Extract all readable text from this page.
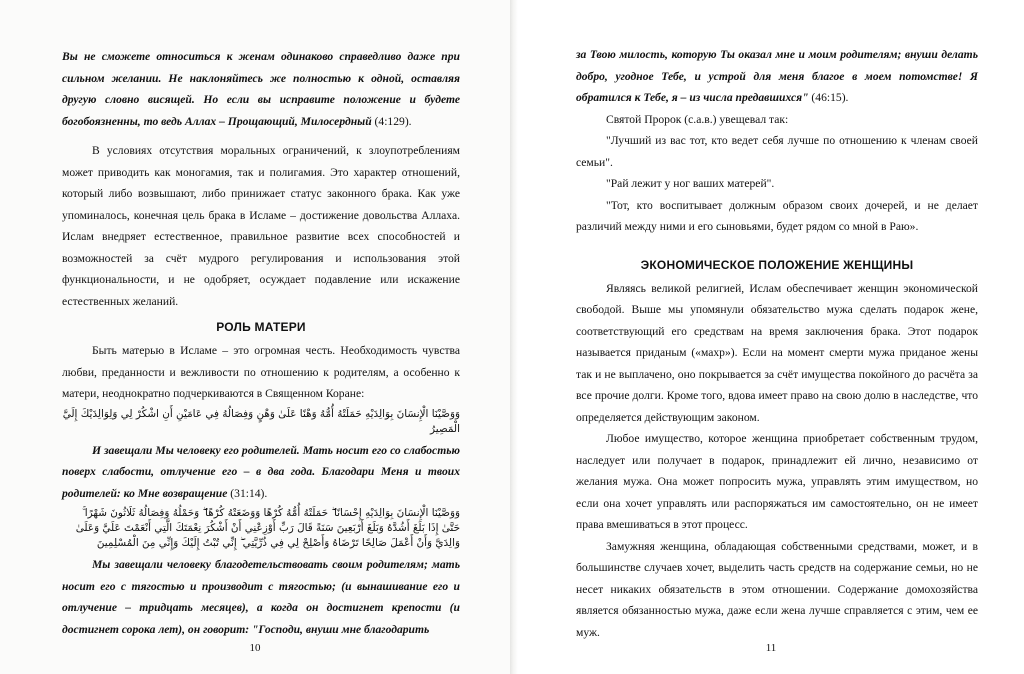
Вы не сможете относиться к женам одинаково справедливо даже при сильном желании. Не наклоняйтесь же полностью к одной, оставляя другую словно висящей. Но если вы исправите положение и будете богобоязненны, то ведь Аллах – Прощающий, Милосердный (4:129).

В условиях отсутствия моральных ограничений, к злоупотреблениям может приводить как моногамия, так и полигамия. Это характер отношений, который либо возвышают, либо принижает статус законного брака. Как уже упоминалось, конечная цель брака в Исламе – достижение довольства Аллаха. Ислам внедряет естественное, правильное развитие всех способностей и возможностей за счёт мудрого регулирования и использования этой функциональности, и не одобряет, осуждает подавление или искажение естественных желаний.

РОЛЬ МАТЕРИ

Быть матерью в Исламе – это огромная честь. Необходимость чувства любви, преданности и вежливости по отношению к родителям, а особенно к матери, неоднократно подчеркиваются в Священном Коране:

وَوَصَّيْنَا الْإِنسَانَ بِوَالِدَيْهِ حَمَلَتْهُ أُمُّهُ وَهْنًا عَلَىٰ وَهْنٍ وَفِصَالُهُ فِي عَامَيْنِ أَنِ اشْكُرْ لِي وَلِوَالِدَيْكَ إِلَيَّ الْمَصِيرُ

И завещали Мы человеку его родителей. Мать носит его со слабостью поверх слабости, отлучение его – в два года. Благодари Меня и твоих родителей: ко Мне возвращение (31:14).

وَوَصَّيْنَا الْإِنسَانَ بِوَالِدَيْهِ إِحْسَانًا ۖ حَمَلَتْهُ أُمُّهُ كُرْهًا وَوَضَعَتْهُ كُرْهًا ۖ وَحَمْلُهُ وَفِصَالُهُ ثَلَاثُونَ شَهْرًا ۚ حَتَّىٰ إِذَا بَلَغَ أَشُدَّهُ وَبَلَغَ أَرْبَعِينَ سَنَةً قَالَ رَبِّ أَوْزِعْنِي أَنْ أَشْكُرَ نِعْمَتَكَ الَّتِي أَنْعَمْتَ عَلَيَّ وَعَلَىٰ وَالِدَيَّ وَأَنْ أَعْمَلَ صَالِحًا تَرْضَاهُ وَأَصْلِحْ لِي فِي ذُرِّيَّتِي ۖ إِنِّي تُبْتُ إِلَيْكَ وَإِنِّي مِنَ الْمُسْلِمِينَ

Мы завещали человеку благодетельствовать своим родителям; мать носит его с тягостью и производит с тягостью; (и вынашивание его и отлучение – тридцать месяцев), а когда он достигнет крепости (и достигнет сорока лет), он говорит: "Господи, внуши мне благодарить

10

за Твою милость, которую Ты оказал мне и моим родителям; внуши делать добро, угодное Тебе, и устрой для меня благое в моем потомстве! Я обратился к Тебе, я – из числа предавшихся" (46:15).

Святой Пророк (с.а.в.) увещевал так:

"Лучший из вас тот, кто ведет себя лучше по отношению к членам своей семьи".

"Рай лежит у ног ваших матерей".

"Тот, кто воспитывает должным образом своих дочерей, и не делает различий между ними и его сыновьями, будет рядом со мной в Раю».

ЭКОНОМИЧЕСКОЕ ПОЛОЖЕНИЕ ЖЕНЩИНЫ

Являясь великой религией, Ислам обеспечивает женщин экономической свободой. Выше мы упомянули обязательство мужа сделать подарок жене, соответствующий его средствам на время заключения брака. Этот подарок называется приданым («махр»). Если на момент смерти мужа приданое жены так и не выплачено, оно покрывается за счёт имущества покойного до расчёта за все прочие долги. Кроме того, вдова имеет право на свою долю в наследстве, что определяется действующим законом.

Любое имущество, которое женщина приобретает собственным трудом, наследует или получает в подарок, принадлежит ей лично, независимо от желания мужа. Она может попросить мужа, управлять этим имуществом, но если она хочет управлять или распоряжаться им самостоятельно, он не имеет права вмешиваться в этот процесс.

Замужняя женщина, обладающая собственными средствами, может, и в большинстве случаев хочет, выделить часть средств на содержание семьи, но не несет никаких обязательств в этом отношении. Содержание домохозяйства является обязанностью мужа, даже если жена лучше справляется с этим, чем ее муж.

11
